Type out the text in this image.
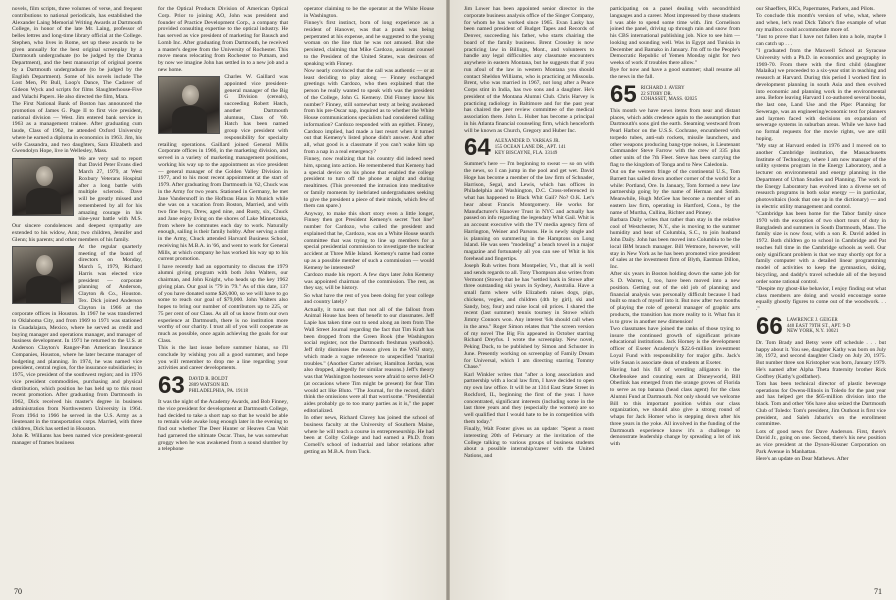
novels, film scripts, three volumes of verse, and frequent contributions to national periodicals, has established the Alexander Laing Memorial Writing Awards at Dartmouth College, in honor of the late Mr. Laing, professor of belles lettres and long-time library official at the College. Stephen, who lives in Rome, set up these awards to be given annually for the best original screenplay by a Dartmouth undergraduate (to be judged by the Drama Department), and the best manuscript of original poems by a Dartmouth undergraduate (to be judged by the English Department). Some of his novels include The Lost Men, Pit Bull, Loop's Dance, The Cadaver of Gideon Wyck and scripts for films Slaughterhouse-Five and Valachi Papers. He also directed the film, Mara.

The First National Bank of Boston has announced the promotion of James G. Page II to first vice president, national division — West. Jim entered bank service in 1963 as a management trainee. After graduating cum laude, Class of 1962, he attended Oxford University where he earned a diploma in economics in 1963. Jim, his wife Cassandra, and two daughters, Sara Elizabeth and Gwendolyn Hope, live in Wellesley, Mass.

We are very sad to report that David Peter Evans died March 27, 1979, at West Roxbury Veterans Hospital after a long battle with multiple sclerosis. Dave will be greatly missed and remembered by all for his amazing courage in his nine-year battle with M.S. Our sincere condolences and deepest sympathy are extended to his widow, Ann; two children, Jennifer and Glenn; his parents; and other members of his family.

At the regular quarterly meeting of the board of directors on Monday, March 5, 1979, Richard Harris was elected vice president — corporate planning of Anderson, Clayton & Co., Houston. Tex. Dick joined Anderson Clayton in 1966 at the corporate offices in Houston. In 1967 he was transferred to Oklahoma City, and from 1969 to 1971 was stationed in Guadalajara, Mexico, where he served as credit and buying manager and operations manager, and manager of business development. In 1971 he returned to the U.S. at Anderson Clayton's Ranger-Pan American Insurance Companies, Houston, where he later became manager of budgeting and planning. In 1974, he was named vice president, central region, for the insurance subsidiaries; in 1975, vice president of the southwest region; and in 1976 vice president commodities, purchasing and physical distribution, which position he has held up to this most recent promotion. After graduating from Dartmouth in 1962, Dick received his master's degree in business administration from Northwestern University in 1964. From 1964 to 1966 he served in the U.S. Army as a lieutenant in the transportation corps. Married, with three children, Dick has settled in Houston.

John R. Williams has been named vice president-general manager of frames business

for the Optical Products Division of American Optical Corp. Prior to joining AO, John was president and founder of Practice Development Corp., a company that provided consulting expertise to the optical industry. He has served as vice president of marketing for Bausch and Lomb Inc. After graduating from Dartmouth, he received a master's degree from the University of Rochester. This move means relocating from Rochester to Putnam, and by now we imagine John has settled in to a new job and a new home.

Charles W. Gaillard was appointed vice president-general manager of the Big G Division (cereals), succeeding Robert Hatch, another Dartmouth alumnus, Class of '60. Hatch has been named group vice president with responsibility for specialty retailing operations. Gaillard joined General Mills Corporate offices in 1966, in the marketing division, and served in a variety of marketing management positions, working his way up to the appointment as vice president — general manager of the Golden Valley Division in 1977, and to his most recent appointment at the start of 1979. After graduating from Dartmouth in '62, Chuck was in the Army for two years. Stationed in Germany, he met Jane Vandersnoff in the Hofbrau Haus in Munich while she was on a vacation from Boston, Married, and with two fine boys, Drew, aged nine, and Rusty, six, Chuck and Jane enjoy living on the shores of Lake Minnetonka, from where he commutes each day to work. Naturally enough, sailing is their family hobby. After serving a stint in the Army, Chuck attended Harvard Business School, receiving his M.B.A. in '66, and went to work for General Mills, at which company he has worked his way up to his current promotion.

I have recently had an opportunity to discuss the 1979 alumni giving program with both John Walters, our chairman, and John Knight, who heads up the key 1962 giving plan. Our goal is "79 in '79." As of this date, 137 of you have donated some $26,000, so we will have to go some to reach our goal of $79,000. John Walters also hopes to bring our number of contributors up to 225, or 75 per cent of our Class. As all of us know from our own experience at Dartmouth, there is no institution more worthy of our charity. I trust all of you will cooperate as much as possible, once again achieving the goals for our Class.

This is the last issue before summer hiatus, so I'll conclude by wishing you all a good summer, and hope you will remember to drop me a line regarding your activities and career developments.

63 DAVID R. BOLDT
2809 WATSON RD.
PHILADELPHIA, PA. 19118

It was the night of the Academy Awards, and Bob Finney, the vice president for development at Dartmouth College, had decided to take a short nap so that he would be able to remain wide awake long enough later in the evening to find out whether The Deer Hunter or Heaven Can Wait had garnered the ultimate Oscar. Thus, he was somewhat groggy when he was awakened from a sound slumber by a telephone

operator claiming to be the operator at the White House in Washington.

Finney's first instinct, born of long experience as a resident of Hanover, was that a prank was being perpetrated at his expense, and he suggested to the young woman on the line that he was not amused. But she persisted, claiming that Mike Cardozo, assistant counsel to the President of the United States, was desirous of speaking with Finney.

Now nearly convinced that the call was authentic — or at least deciding to play along — Finney exchanged greetings with Cardozo, who then explained that the person he really wanted to speak with was the president of the College, John G. Kemeny. Did Finney know his number? Finney, still somewhat testy at being awakened from his pre-Oscar nap, inquired as to whether the White House communications specialists had considered calling information? Cardozo responded with an epithet. Finney, Cardozo implied, had made a last resort when it turned out that Kemeny's listed phone didn't answer. And after all, what good is a classmate if you can't wake him up from a nap in a real emergency?

Finney, now realizing that his country did indeed need him, sprang into action. He remembered that Kemeny had a special device on his phone that enabled the college president to turn off the phone at night and during mealtimes. (This prevented the intrusion into meditative or family moments by inebriated undergraduates seeking to give the president a piece of their minds, which few of them can spare.)

Anyway, to make this short story even a little longer, Finney then got President Kemeny's secret "hot line" number for Cardozo, who called the president and explained that he, Cardozo, was on a White House search committee that was trying to line up members for a special presidential commission to investigate the nuclear accident at Three Mile Island. Kemeny's name had come up as a possible member of such a commission — would Kemeny be interested?

Cardozo made his report. A few days later John Kemeny was appointed chairman of the commission. The rest, as they say, will be history.

So what have the rest of you been doing for your college and country lately?

Actually, it turns out that not all of the fallout from Animal House has been of benefit to our classmates. Jeff Lapie has taken time out to send along an item from The Wall Street Journal regarding the fact that Tim Kraft has been dropped from the Green Book (the Washington social register, not the Dartmouth freshman yearbook). Jeff drily dismisses the reason given in the WSJ story, which made a vague reference to unspecified "marital troubles." (Another Carter adviser, Hamilton Jordan, was also dropped, allegedly for similar reasons.) Jeff's theory was that Washington hostesses were afraid to serve Jell-O (at occasions where Tim might be present) for fear Tim would act like Bluto. "The Journal, for the record, didn't think the omissions were all that worrisome. "Presidential aides probably go to too many parties as it is," the paper editorialized.

In other news, Richard Clavey has joined the school of business faculty at the University of Southern Maine, where he will teach a course in entrepreneurship. He had been at Colby College and had earned a Ph.D. from Cornell's school of industrial and labor relations after getting an M.B.A. from Tuck.

70

Jim Lower has been appointed senior director in the corporate business analysis office of the Singer Company, for whom he has worked since 1965. Evan Lasky has been named president of Budget Tapes and Records of Denver, succeeding his father, who starts chairing the board of the family business. Brent Crossley is now practicing law in Billings, Mont., and volunteers to handle any legal difficulties any classmate encounters anywhere in eastern Montana, but he suggests that if you run afoul of the law in western Montana you should contact Sheldon Williams, who is practicing at Missoula. Brent, who was married in 1967, not long after a Peace Corps stint in India, has two sons and a daughter. He's president of the Montana Alumni Club. Chris Harvey is practicing radiology in Baltimore and for the past year has chaired the peer review committee of the medical association there. John L. Huber has become a principal in his Atlanta financial counseling firm, which henceforth will be known as Church, Gregory and Huber Inc.

64 ALEXANDER D. VARKAS JR.
155 OCEAN LANE DR., APT. 141
KEY BISCAYNE, FLA. 33149

Summer's here — I'm beginning to sweat — so on with the news, so I can jump in the pool and get wet. David Hoge has become a member of the law firm of Schnader, Harrison, Segal, and Lewis, which has offices in Philadelphia and Washington, D.C. Cross-referenced in what has happened to Black Whit Gail? No? O.K. Let's hear about Francis Montgomery. He works for Manufacturer's Hanover Trust in NYC and actually has passed on info regarding the legendary Whit Gail. Whit is an account executive with the TV media agency firm of Harrington, Weiner and Parsons. He is newly single and is planning on summering in the Hamptons on Long Island. He was seen "modeling" a beach towel in a major magazine and fortunately all you can see of Whit is his forehead and fingertips.

Joseph Ruh writes from Montpelier, Vt., that all is well and sends regards to all. Tony Thompson also writes from Vermont (Stowe) that he has "settled back in Stowe after three outstanding ski years in Sydney, Australia. Have a small farm where wife Elizabeth raises dogs, pigs, chickens, vegies, and children (4th by girl), ski and Sandy, boy, four) and raise local oil prices. I shared the recent (last summer) tennis tourney in Stowe which Jimmy Connors won. Any interest '64s should call when in the area." Roger Simon relates that "the screen version of my novel The Big Fix appeared in October starring Richard Dreyfus. I wrote the screenplay. New novel, Peking Duck, to be published by Simon and Schuster in June. Presently working on screenplay of Family Dream for Universal, which I am directing starring Tommy Chase."

Karl Winkler writes that "after a long association and partnership with a local law firm, I have decided to open my own law office. It will be at 1314 East State Street in Rockford, IL, beginning the first of the year. I have concentrated, significant interests (including some in the last three years and they (especially the women) are so well qualified that I would hate to be in competition with them today."

Finally, Walt Foster gives us an update: "Spent a most interesting 20th of February at the invitation of the College talking to various groups of business students about a possible internship/career with the United Nations, and

participating on a panel dealing with second/third languages and a career. Most impressed by those students I was able to spend some time with. Jim Cornelison joined the panel, driving up through rain and snow from his CBS international publishing job. Nice to see him — looking and sounding well. Was in Egypt and Tunisia in December and Bamako in January. I'm off to the People's Democratic Republic of Yemen Monday night for two weeks of work if troubles there allow."

Bye for now and have a good summer; shall resume all the news in the fall.

65 RICHARD J. AVERY
22 STORY DR.
COHASSET, MASS. 02025

This month we have news items from near and distant places, which adds credence again to the assumption that Dartmouth's sons gird the earth. Steaming westward from Pearl Harbor on the U.S.S. Cochrane, encumbered with torpedo tubes, anti-sub rockets, missile launchers, and other weapons producing bang-type noises, is Lieutenant Commander Steve Farrow with the crew of 335 plus other units of the 7th Fleet. Steve has been carrying the flag to the kingdom of Tonga and to New Caledonia.

Out on the western fringe of the continental U.S., Tom Barnett has sailed down another corner of the world for a while: Portland, Ore. In January, Tom formed a new law partnership going by the name of Herman and Smith. Meanwhile, Hugh McGee has become a member of an eastern law firm, operating in Hartford, Conn., by the name of Murtha, Cullina, Richter and Pinney.

Barbara Daily writes that rather than stay in the relative cool of Westchester, N.Y., she is moving to the summer humidity and heat of Columbia, S.C., to join husband John Daily. John has been moved into Columbia to be the local IBM branch manager. Bill Wetmore, however, will stay in New York as he has been promoted vice president of sales at the investment firm of Blyth, Eastman Dillon, Inc.

After six years in Boston holding down the same job for S. D. Warren, I, too, have been moved into a new position. Getting out of the old job of planning and financial analysis was personally difficult because I had built so much of myself into it. But now after two months of playing the role of general manager of graphic arts products, the transition has more reality to it. What fun it is to grow in another new dimension!

Two classmates have joined the ranks of those trying to insure the continued growth of significant private educational institutions. Jack Horney is the development officer of Exeter Academy's $22.6-million investment Loyal Fund with responsibility for major gifts. Jack's wife Susan is associate dean of students at Exeter.

Having had his fill of wrestling alligators in the Okefenokee and counting ears at Disneyworld, Bill Oberlink has emerged from the orange groves of Florida to serve as top banana (head class agent) for the class Alumni Fund at Dartmouth. Not only should we welcome Bill to this important position within our class organization, we should also give a strong round of whaps for Jack Homer who is stepping down after his three years in the yoke. All involved in the funding of the Dartmouth experience know it's a challenge to demonstrate leadership change by spreading a lot of ink with

our Shaeffers, BICs, Papermates, Parkers, and Pilots.

To conclude this month's version of who, what, where and when, let's read Dick Tabor's fine example of what my mailbox could accommodate more of.

"Just to prove that I have not fallen into a hole, maybe I can catch up . . .

"I graduated from the Maxwell School at Syracuse University with a Ph.D. in economics and geography in 1969-70. From there with the first child (daughter Malaika) we proceeded to a six-year stint in teaching and research at Harvard. During this period I worked first in development planning in south Asia and then evolved into economic and planning work in the environmental area. Before leaving Harvard I co-authored several books, the last one, Land Use and the Pipe: Planning for Sewerage, was an engineering/economic text for planners and laymen faced with decisions on expansion of sewerage systems in suburban areas. While we have had no formal requests for the movie rights, we are still hoping.

"My stay at Harvard ended in 1976 and I moved on to another Cambridge institution, the Massachusetts Institute of Technology, where I am now manager of the utility systems program in the Energy Laboratory, and a lecturer on environmental and energy planning in the Department of Urban Studies and Planning. The work in the Energy Laboratory has evolved into a diverse set of research programs in both solar energy — in particular, photovoltaics (look that one up in the dictionary) — and in electric utility management and control.

"Cambridge has been home for the Tabor family since 1970 with the exception of two short tours of duty in Bangladesh and summers in South Dartmouth, Mass. The family size is now four, with a son R. David added in 1972. Both children go to school in Cambridge and Pat teaches full time in the Cambridge schools as well. Our only significant problem is that we may shortly opt for a family computer with a detailed linear programming model of activities to keep the gymnastics, skiing, bicycling, and daddy's travel schedule all of the beyond order some rational control.

"Despite my ghost-like behavior, I enjoy finding out what class members are doing and would encourage some equally ghostly figures to come out of the woodwork. . . ."

66 LAWRENCE J. GEIGER
440 EAST 79TH ST., APT. 9-D
NEW YORK, N.Y. 10021

Dr. Tom Brady and Betsy were off schedule . . . but happy about it. You see, daughter Kathy was born on July 30, 1972, and second daughter Cindy on July 20, 1975. But number three son Kristopher was born, January 1979. He's named after Alpha Theta fraternity brother Rick Godfrey (Kathy's godfather).

Tom has been technical director of plastic beverage operations for Owens-Illinois in Toledo for the past year and has helped get the $65-million division into the black. Tom and other '66s have also seized the Dartmouth Club of Toledo: Tom's president, Jim Outhout is first vice president, and Saleh Jabaris's on the enrollment committee.

Lots of good news for Dave Anderson. First, there's David Jr., going on one. Second, there's his new position as vice president at the Dyson-Kissner Corporation on Park Avenue in Manhattan.

Here's an update on Dear Mathews. After

71
